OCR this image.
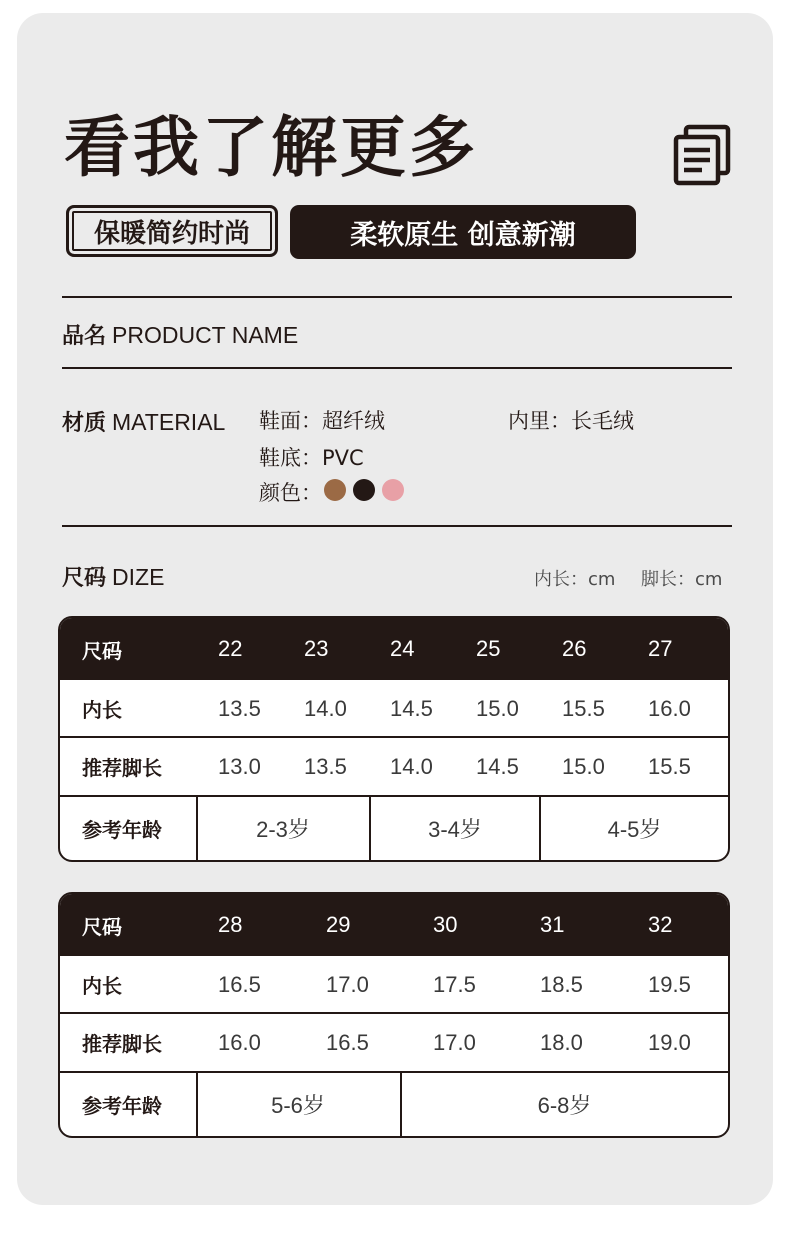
看我了解更多
保暖简约时尚	柔软原生 创意新潮
品名 PRODUCT NAME
材质 MATERIAL 鞋面：超纤绒	内里：长毛绒
鞋底：PVC
颜色：
尺码 DIZE	内长：cm 脚长：cm
尺码	22	23	24	25	26	27
内长	13.5 14.0 14.5 15.0 15.5 16.0
推荐脚长	13.0 13.5 14.0 14.5 15.0 15.5
参考年龄	2-3岁	3-4岁	4-5岁
尺码	28	29	30	31	32
内长	16.5	17.0	17.5	18.5	19.5
推荐脚长	16.0	16.5	17.0	18.0	19.0
参考年龄	5-6岁	6-8岁
